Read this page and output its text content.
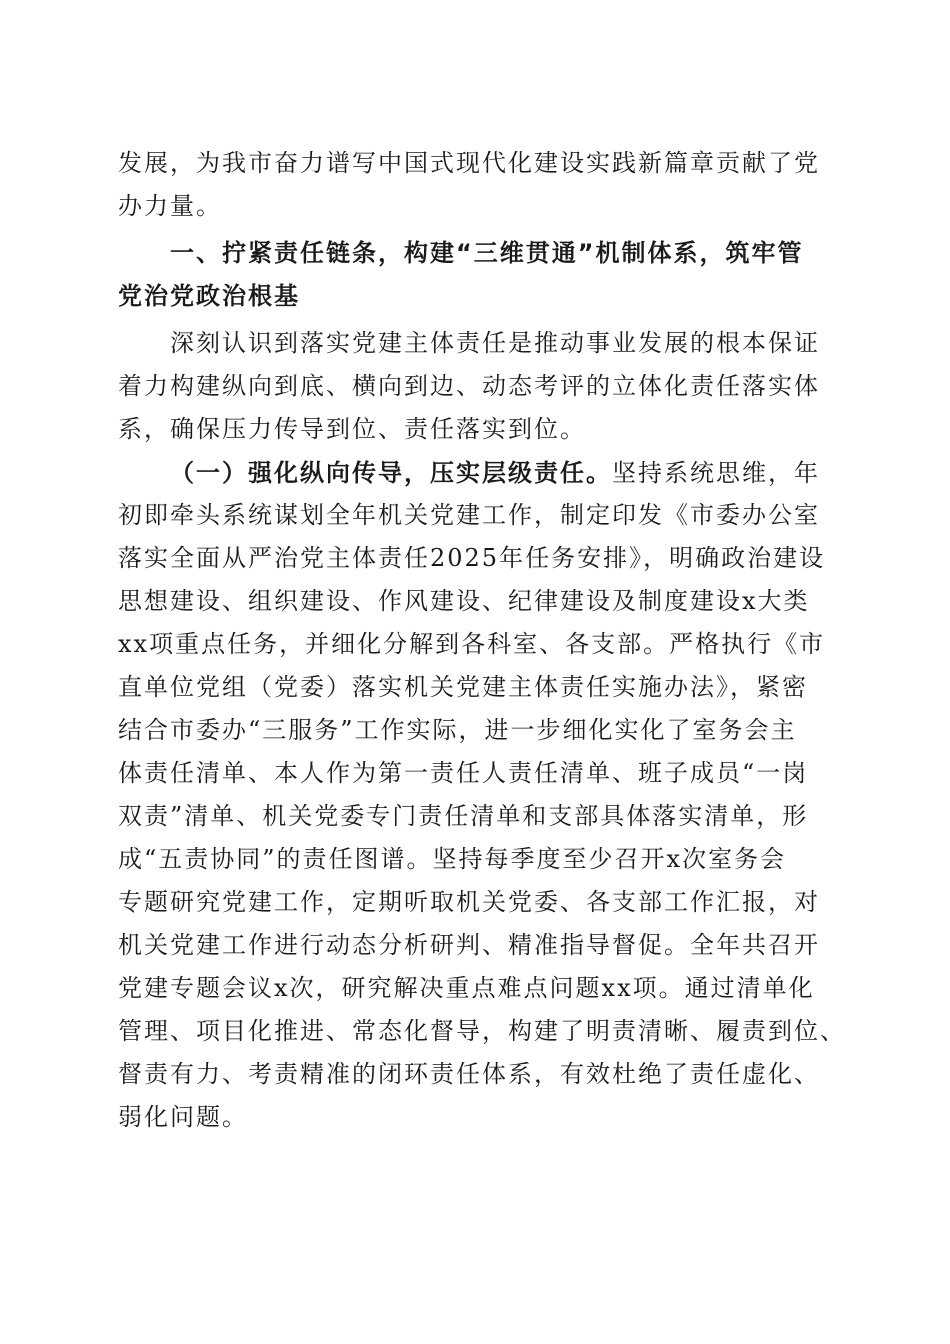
发展，为我市奋力谱写中国式现代化建设实践新篇章贡献了党
办力量。
一、拧紧责任链条，构建“三维贯通”机制体系，筑牢管
党治党政治根基
深刻认识到落实党建主体责任是推动事业发展的根本保证
着力构建纵向到底、横向到边、动态考评的立体化责任落实体
系，确保压力传导到位、责任落实到位。
（一）强化纵向传导，压实层级责任。坚持系统思维，年
初即牵头系统谋划全年机关党建工作，制定印发《市委办公室
落实全面从严治党主体责任2025年任务安排》，明确政治建设
思想建设、组织建设、作风建设、纪律建设及制度建设x大类
xx项重点任务，并细化分解到各科室、各支部。严格执行《市
直单位党组（党委）落实机关党建主体责任实施办法》，紧密
结合市委办“三服务”工作实际，进一步细化实化了室务会主
体责任清单、本人作为第一责任人责任清单、班子成员“一岗
双责”清单、机关党委专门责任清单和支部具体落实清单，形
成“五责协同”的责任图谱。坚持每季度至少召开x次室务会
专题研究党建工作，定期听取机关党委、各支部工作汇报，对
机关党建工作进行动态分析研判、精准指导督促。全年共召开
党建专题会议x次，研究解决重点难点问题xx项。通过清单化
管理、项目化推进、常态化督导，构建了明责清晰、履责到位、
督责有力、考责精准的闭环责任体系，有效杜绝了责任虚化、
弱化问题。
